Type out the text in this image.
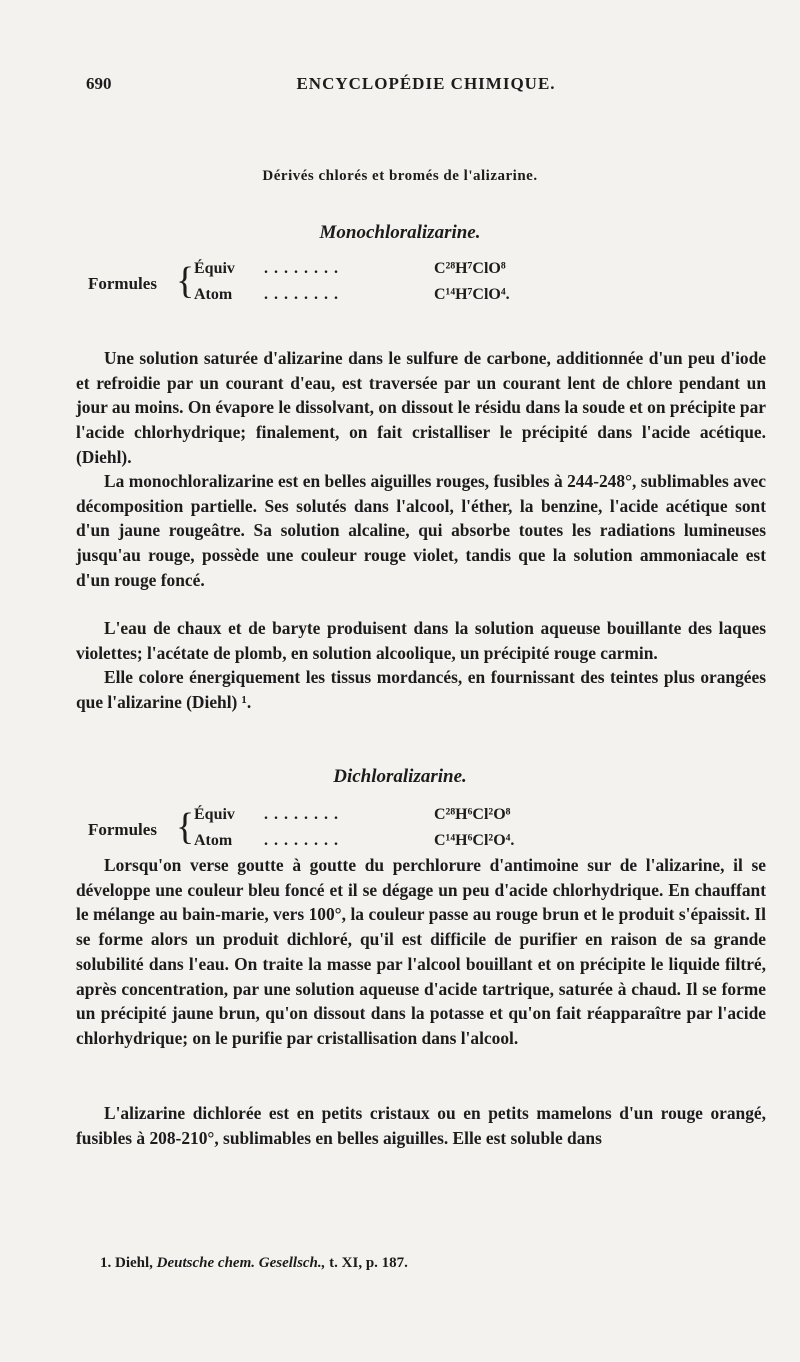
690	ENCYCLOPÉDIE CHIMIQUE.
Dérivés chlorés et bromés de l'alizarine.
Monochloralizarine.
Formules { Équiv ........	C²⁸H⁷ClO⁸
Atom ........	C¹⁴H⁷ClO⁴.

Une solution saturée d'alizarine dans le sulfure de carbone, additionnée d'un peu d'iode et refroidie par un courant d'eau, est traversée par un courant lent de chlore pendant un jour au moins. On évapore le dissolvant, on dissout le résidu dans la soude et on précipite par l'acide chlorhydrique; finalement, on fait cristalliser le précipité dans l'acide acétique. (Diehl).

La monochloralizarine est en belles aiguilles rouges, fusibles à 244-248°, sublimables avec décomposition partielle. Ses solutés dans l'alcool, l'éther, la benzine, l'acide acétique sont d'un jaune rougeâtre. Sa solution alcaline, qui absorbe toutes les radiations lumineuses jusqu'au rouge, possède une couleur rouge violet, tandis que la solution ammoniacale est d'un rouge foncé.

L'eau de chaux et de baryte produisent dans la solution aqueuse bouillante des laques violettes; l'acétate de plomb, en solution alcoolique, un précipité rouge carmin.

Elle colore énergiquement les tissus mordancés, en fournissant des teintes plus orangées que l'alizarine (Diehl) ¹.

Dichloralizarine.
Formules { Équiv ........	C²⁸H⁶Cl²O⁸
Atom ........	C¹⁴H⁶Cl²O⁴.

Lorsqu'on verse goutte à goutte du perchlorure d'antimoine sur de l'alizarine, il se développe une couleur bleu foncé et il se dégage un peu d'acide chlorhydrique. En chauffant le mélange au bain-marie, vers 100°, la couleur passe au rouge brun et le produit s'épaissit. Il se forme alors un produit dichloré, qu'il est difficile de purifier en raison de sa grande solubilité dans l'eau. On traite la masse par l'alcool bouillant et on précipite le liquide filtré, après concentration, par une solution aqueuse d'acide tartrique, saturée à chaud. Il se forme un précipité jaune brun, qu'on dissout dans la potasse et qu'on fait réapparaître par l'acide chlorhydrique; on le purifie par cristallisation dans l'alcool.

L'alizarine dichlorée est en petits cristaux ou en petits mamelons d'un rouge orangé, fusibles à 208-210°, sublimables en belles aiguilles. Elle est soluble dans

1. Diehl, Deutsche chem. Gesellsch., t. XI, p. 187.
